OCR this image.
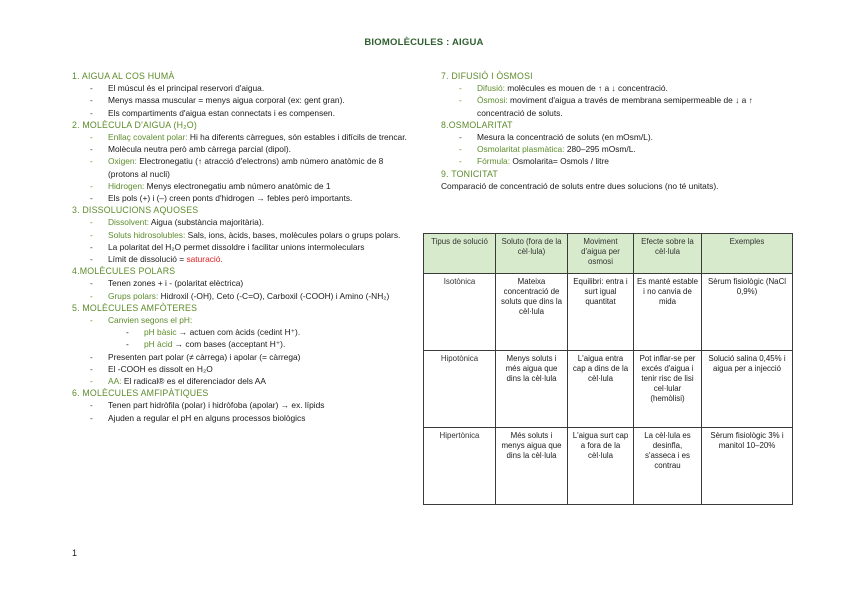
BIOMOLÈCULES : AIGUA
1. AIGUA AL COS HUMÀ
-	El múscul és el principal reservori d'aigua.
-	Menys massa muscular = menys aigua corporal (ex: gent gran).
-	Els compartiments d'aigua estan connectats i es compensen.
2. MOLÈCULA D'AIGUA (H₂O)
-	Enllaç covalent polar: Hi ha diferents càrregues, són estables i difícils de trencar.
-	Molècula neutra però amb càrrega parcial (dipol).
-	Oxigen: Electronegatiu (↑ atracció d'electrons) amb número anatòmic de 8 (protons al nucli)
-	Hidrogen: Menys electronegatiu amb número anatòmic de 1
-	Els pols (+) i (–) creen ponts d'hidrogen → febles però importants.
3. DISSOLUCIONS AQUOSES
-	Dissolvent: Aigua (substància majoritària).
-	Soluts hidrosolubles: Sals, ions, àcids, bases, molècules polars o grups polars.
-	La polaritat del H₂O permet dissoldre i facilitar unions intermoleculars
-	Límit de dissolució = saturació.
4.MOLÈCULES POLARS
-	Tenen zones + i - (polaritat elèctrica)
-	Grups polars: Hidroxil (-OH), Ceto (-C=O), Carboxil (-COOH) i Amino (-NH₂)
5. MOLÈCULES AMFÒTERES
-	Canvien segons el pH:
-	pH bàsic → actuen com àcids (cedint H⁺).
-	pH àcid → com bases (acceptant H⁺).
-	Presenten part polar (≠ càrrega) i apolar (= càrrega)
-	El -COOH es dissolt en H₂O
-	AA: El radical® es el diferenciador dels AA
6. MOLÈCULES AMFIPÀTIQUES
-	Tenen part hidròfila (polar) i hidròfoba (apolar) → ex. lípids
-	Ajuden a regular el pH en alguns processos biològics
7. DIFUSIÓ I ÒSMOSI
-	Difusió: molècules es mouen de ↑ a ↓ concentració.
-	Òsmosi: moviment d'aigua a través de membrana semipermeable de ↓ a ↑ concentració de soluts.
8.OSMOLARITAT
-	Mesura la concentració de soluts (en mOsm/L).
-	Osmolaritat plasmàtica: 280–295 mOsm/L.
-	Fórmula: Osmolarita= Osmols / litre
9. TONICITAT
Comparació de concentració de soluts entre dues solucions (no té unitats).
Tipus de solució	Soluto (fora de la cèl·lula)	Moviment d'aigua per osmosi	Efecte sobre la cèl·lula	Exemples
Isotònica	Mateixa concentració de soluts que dins la cèl·lula	Equilibri: entra i surt igual quantitat	Es manté estable i no canvia de mida	Sèrum fisiològic (NaCl 0,9%)
Hipotònica	Menys soluts i més aigua que dins la cèl·lula	L'aigua entra cap a dins de la cèl·lula	Pot inflar-se per excés d'aigua i tenir risc de lisi cel·lular (hemòlisi)	Solució salina 0,45% i aigua per a injecció
Hipertònica	Més soluts i menys aigua que dins la cèl·lula	L'aigua surt cap a fora de la cèl·lula	La cèl·lula es desinfla, s'asseca i es contrau	Sèrum fisiològic 3% i manitol 10–20%
1
